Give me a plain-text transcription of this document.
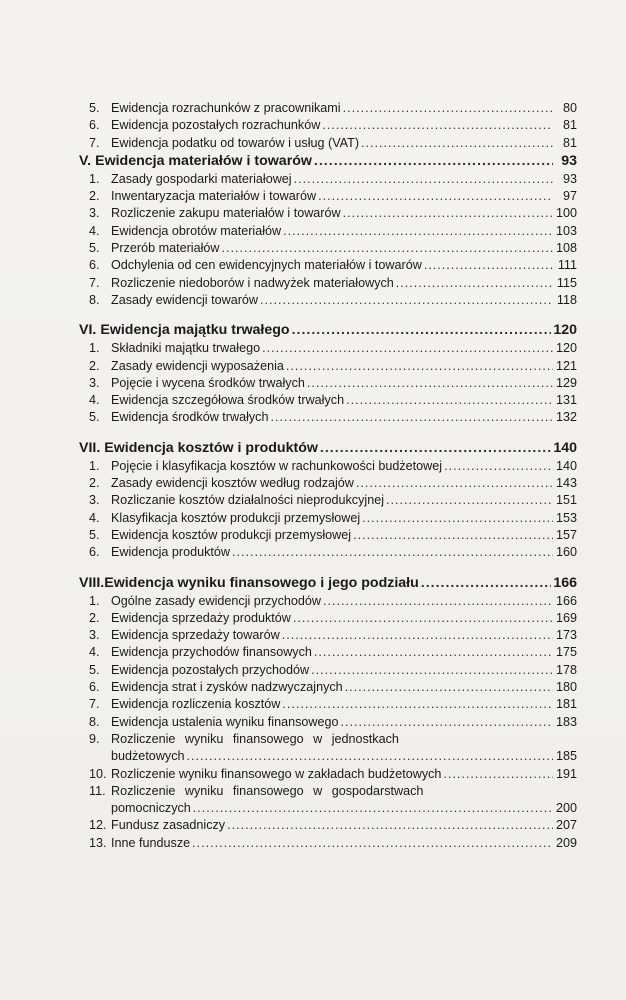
5. Ewidencja rozrachunków z pracownikami .....	80
6. Ewidencja pozostałych rozrachunków .....	81
7. Ewidencja podatku od towarów i usług (VAT) .....	81
V. Ewidencja materiałów i towarów .....	93
1. Zasady gospodarki materiałowej .....	93
2. Inwentaryzacja materiałów i towarów .....	97
3. Rozliczenie zakupu materiałów i towarów .....	100
4. Ewidencja obrotów materiałów .....	103
5. Przerób materiałów .....	108
6. Odchylenia od cen ewidencyjnych materiałów i towarów .....	111
7. Rozliczenie niedoborów i nadwyżek materiałowych .....	115
8. Zasady ewidencji towarów .....	118
VI. Ewidencja majątku trwałego .....	120
1. Składniki majątku trwałego .....	120
2. Zasady ewidencji wyposażenia .....	121
3. Pojęcie i wycena środków trwałych .....	129
4. Ewidencja szczegółowa środków trwałych .....	131
5. Ewidencja środków trwałych .....	132
VII. Ewidencja kosztów i produktów .....	140
1. Pojęcie i klasyfikacja kosztów w rachunkowości budżetowej .....	140
2. Zasady ewidencji kosztów według rodzajów .....	143
3. Rozliczanie kosztów działalności nieprodukcyjnej .....	151
4. Klasyfikacja kosztów produkcji przemysłowej .....	153
5. Ewidencja kosztów produkcji przemysłowej .....	157
6. Ewidencja produktów .....	160
VIII. Ewidencja wyniku finansowego i jego podziału .....	166
1. Ogólne zasady ewidencji przychodów .....	166
2. Ewidencja sprzedaży produktów .....	169
3. Ewidencja sprzedaży towarów .....	173
4. Ewidencja przychodów finansowych .....	175
5. Ewidencja pozostałych przychodów .....	178
6. Ewidencja strat i zysków nadzwyczajnych .....	180
7. Ewidencja rozliczenia kosztów .....	181
8. Ewidencja ustalenia wyniku finansowego .....	183
9. Rozliczenie wyniku finansowego w jednostkach
budżetowych .....	185
10. Rozliczenie wyniku finansowego w zakładach budżetowych .....	191
11. Rozliczenie wyniku finansowego w gospodarstwach
pomocniczych .....	200
12. Fundusz zasadniczy .....	207
13. Inne fundusze .....	209
